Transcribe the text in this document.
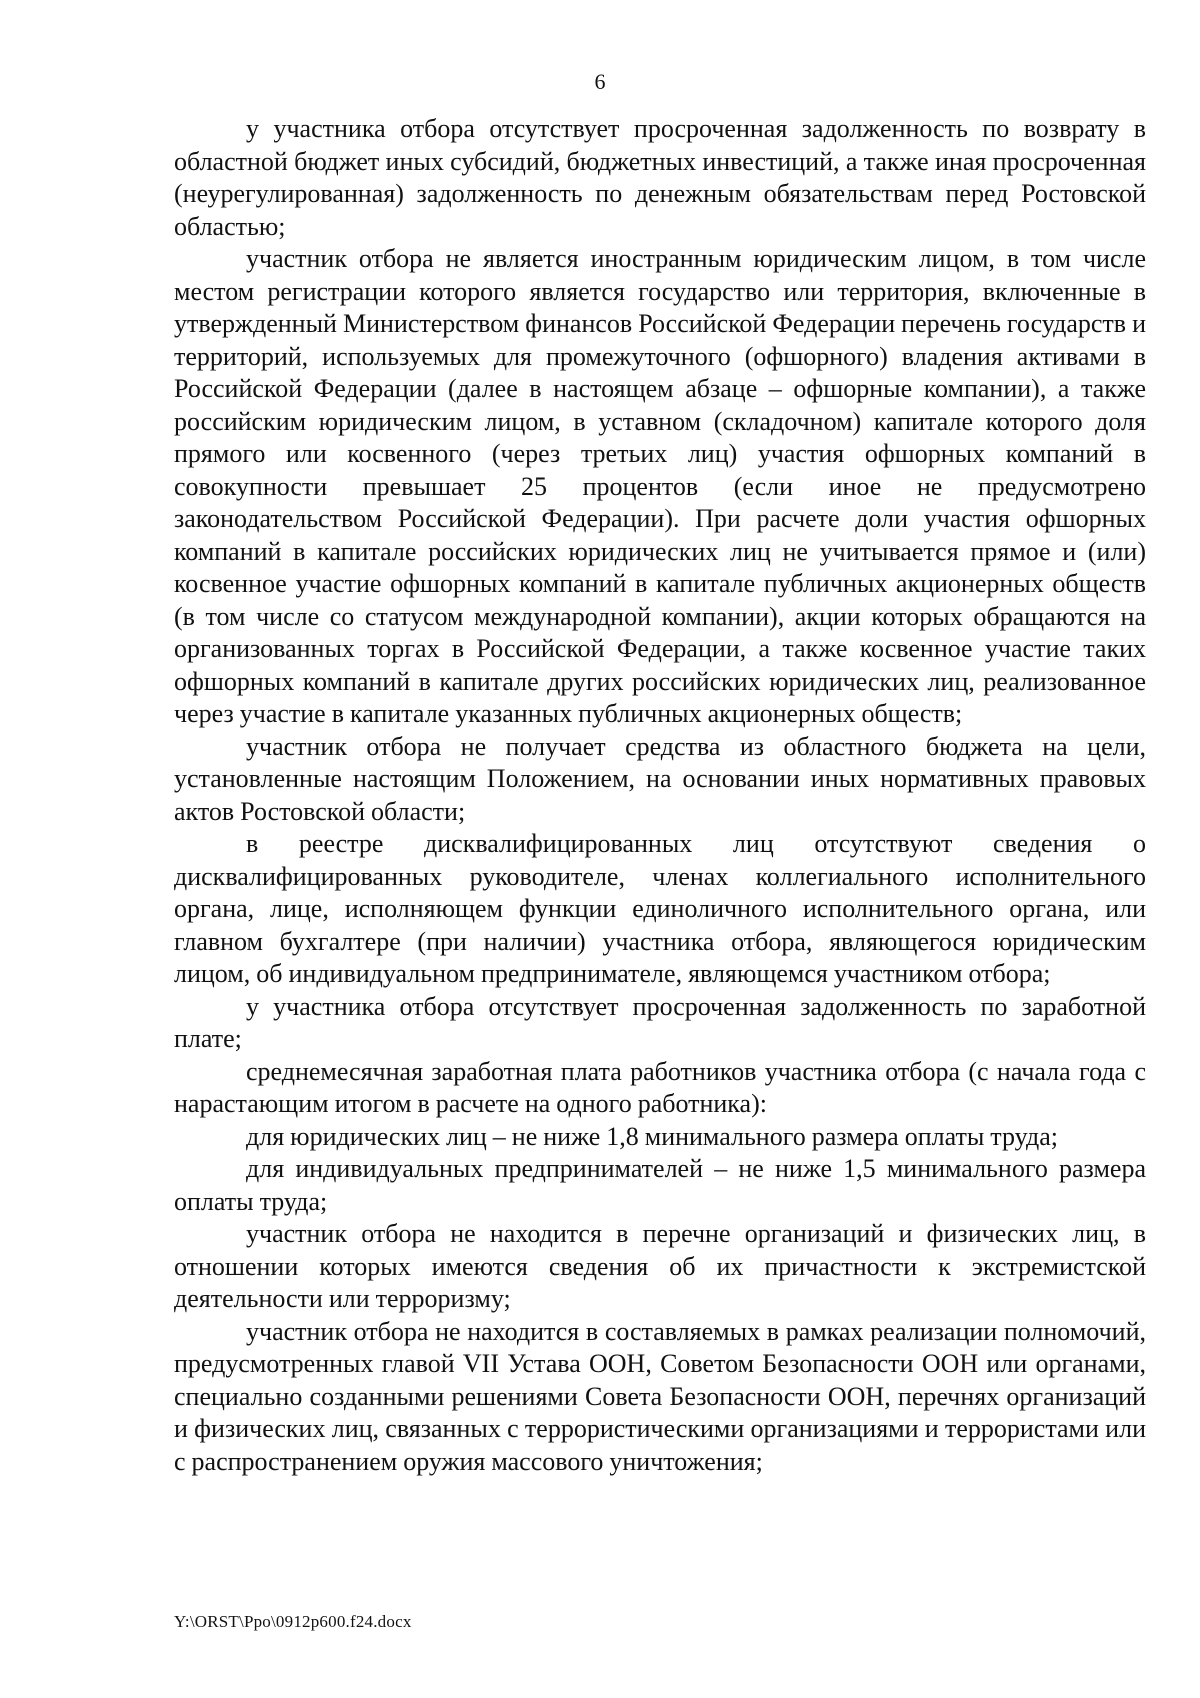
6

у участника отбора отсутствует просроченная задолженность по возврату в областной бюджет иных субсидий, бюджетных инвестиций, а также иная просроченная (неурегулированная) задолженность по денежным обязательствам перед Ростовской областью;

участник отбора не является иностранным юридическим лицом, в том числе местом регистрации которого является государство или территория, включенные в утвержденный Министерством финансов Российской Федерации перечень государств и территорий, используемых для промежуточного (офшорного) владения активами в Российской Федерации (далее в настоящем абзаце – офшорные компании), а также российским юридическим лицом, в уставном (складочном) капитале которого доля прямого или косвенного (через третьих лиц) участия офшорных компаний в совокупности превышает 25 процентов (если иное не предусмотрено законодательством Российской Федерации). При расчете доли участия офшорных компаний в капитале российских юридических лиц не учитывается прямое и (или) косвенное участие офшорных компаний в капитале публичных акционерных обществ (в том числе со статусом международной компании), акции которых обращаются на организованных торгах в Российской Федерации, а также косвенное участие таких офшорных компаний в капитале других российских юридических лиц, реализованное через участие в капитале указанных публичных акционерных обществ;

участник отбора не получает средства из областного бюджета на цели, установленные настоящим Положением, на основании иных нормативных правовых актов Ростовской области;

в реестре дисквалифицированных лиц отсутствуют сведения о дисквалифицированных руководителе, членах коллегиального исполнительного органа, лице, исполняющем функции единоличного исполнительного органа, или главном бухгалтере (при наличии) участника отбора, являющегося юридическим лицом, об индивидуальном предпринимателе, являющемся участником отбора;

у участника отбора отсутствует просроченная задолженность по заработной плате;

среднемесячная заработная плата работников участника отбора (с начала года с нарастающим итогом в расчете на одного работника):

для юридических лиц – не ниже 1,8 минимального размера оплаты труда;

для индивидуальных предпринимателей – не ниже 1,5 минимального размера оплаты труда;

участник отбора не находится в перечне организаций и физических лиц, в отношении которых имеются сведения об их причастности к экстремистской деятельности или терроризму;

участник отбора не находится в составляемых в рамках реализации полномочий, предусмотренных главой VII Устава ООН, Советом Безопасности ООН или органами, специально созданными решениями Совета Безопасности ООН, перечнях организаций и физических лиц, связанных с террористическими организациями и террористами или с распространением оружия массового уничтожения;

Y:\ORST\Ppo\0912p600.f24.docx
